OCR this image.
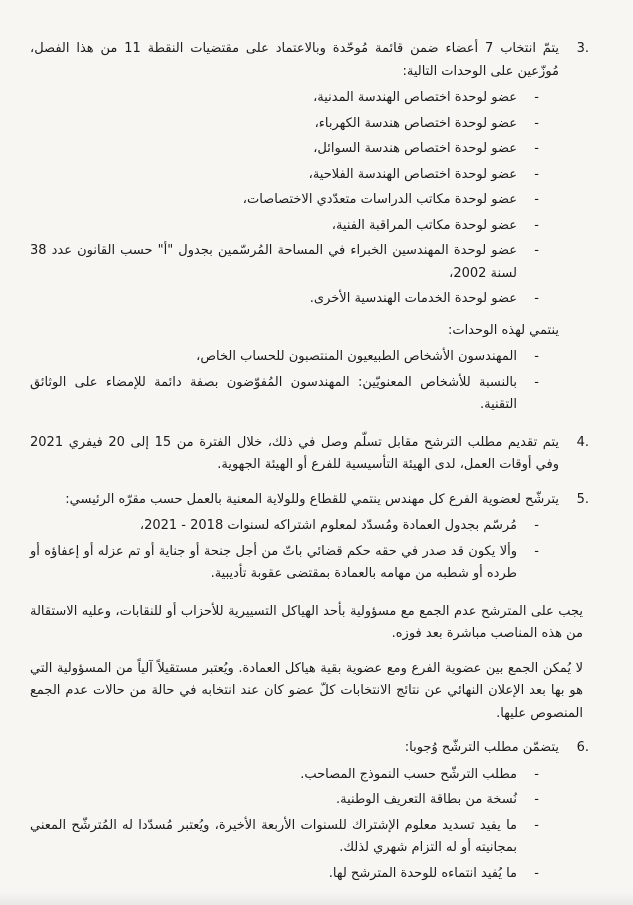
3.
يتمّ انتخاب 7 أعضاء ضمن قائمة مُوحّدة وبالاعتماد على مقتضيات النقطة 11 من هذا الفصل، مُوزّعين على الوحدات التالية:
-
عضو لوحدة اختصاص الهندسة المدنية،
-
عضو لوحدة اختصاص هندسة الكهرباء،
-
عضو لوحدة اختصاص هندسة السوائل،
-
عضو لوحدة اختصاص الهندسة الفلاحية،
-
عضو لوحدة مكاتب الدراسات متعدّدي الاختصاصات،
-
عضو لوحدة مكاتب المراقبة الفنية،
-
عضو لوحدة المهندسين الخبراء في المساحة المُرسّمين بجدول "أ" حسب القانون عدد 38 لسنة 2002،
-
عضو لوحدة الخدمات الهندسية الأخرى.
ينتمي لهذه الوحدات:
-
المهندسون الأشخاص الطبيعيون المنتصبون للحساب الخاص،
-
بالنسبة للأشخاص المعنويّين: المهندسون المُفوّضون بصفة دائمة للإمضاء على الوثائق التقنية.
4.
يتم تقديم مطلب الترشح مقابل تسلّم وصل في ذلك، خلال الفترة من 15 إلى 20 فيفري 2021 وفي أوقات العمل، لدى الهيئة التأسيسية للفرع أو الهيئة الجهوية.
5.
يترشّح لعضوية الفرع كل مهندس ينتمي للقطاع وللولاية المعنية بالعمل حسب مقرّه الرئيسي:
-
مُرسّم بجدول العمادة ومُسدّد لمعلوم اشتراكه لسنوات 2018 - 2021،
-
وألا يكون قد صدر في حقه حكم قضائي باتّ من أجل جنحة أو جناية أو تم عزله أو إعفاؤه أو طرده أو شطبه من مهامه بالعمادة بمقتضى عقوبة تأديبية.
يجب على المترشح عدم الجمع مع مسؤولية بأحد الهياكل التسييرية للأحزاب أو للنقابات، وعليه الاستقالة من هذه المناصب مباشرة بعد فوزه.
لا يُمكن الجمع بين عضوية الفرع ومع عضوية بقية هياكل العمادة. ويُعتبر مستقيلاً آلياً من المسؤولية التي هو بها بعد الإعلان النهائي عن نتائج الانتخابات كلّ عضو كان عند انتخابه في حالة من حالات عدم الجمع المنصوص عليها.
6.
يتضمّن مطلب الترشّح وُجوبا:
-
مطلب الترشّح حسب النموذج المصاحب.
-
نُسخة من بطاقة التعريف الوطنية.
-
ما يفيد تسديد معلوم الإشتراك للسنوات الأربعة الأخيرة، ويُعتبر مُسدّدا له المُترشّح المعني بمجانيته أو له التزام شهري لذلك.
-
ما يُفيد انتماءه للوحدة المترشح لها.
